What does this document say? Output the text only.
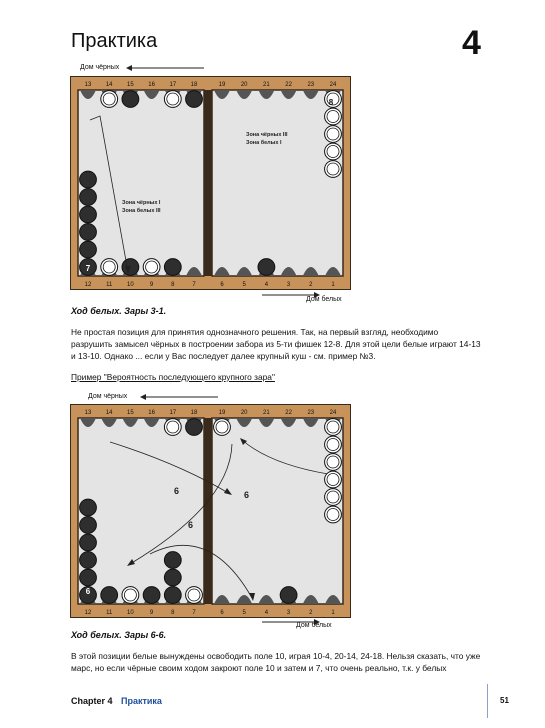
Практика	4
Дом чёрных
13 14 15 16 17 18	19	20	21	22	23	24
12 11 10	9	8	7	6	5	4	3	2	1
Зона чёрных I
Зона белых III
Зона чёрных III
Зона белых I
7
8
Дом белых
Ход белых. Зары 3-1.
Не простая позиция для принятия однозначного решения. Так, на первый взгляд, необходимо разрушить замысел чёрных в построении забора из 5-ти фишек 12-8. Для этой цели белые играют 14-13 и 13-10. Однако ... если у Вас последует далее крупный куш - см. пример №3.
Пример "Вероятность последующего крупного зара"
Дом чёрных
13 14 15 16 17 18	19	20	21	22	23	24
12 11 10	9	8	7	6	5	4	3	2	1
6	6
6
6
Дом белых
Ход белых. Зары 6-6.
В этой позиции белые вынуждены освободить поле 10, играя 10-4, 20-14, 24-18. Нельзя сказать, что уже марс, но если чёрные своим ходом закроют поле 10 и затем и 7, что очень реально, т.к. у белых
Chapter 4 Практика	51
